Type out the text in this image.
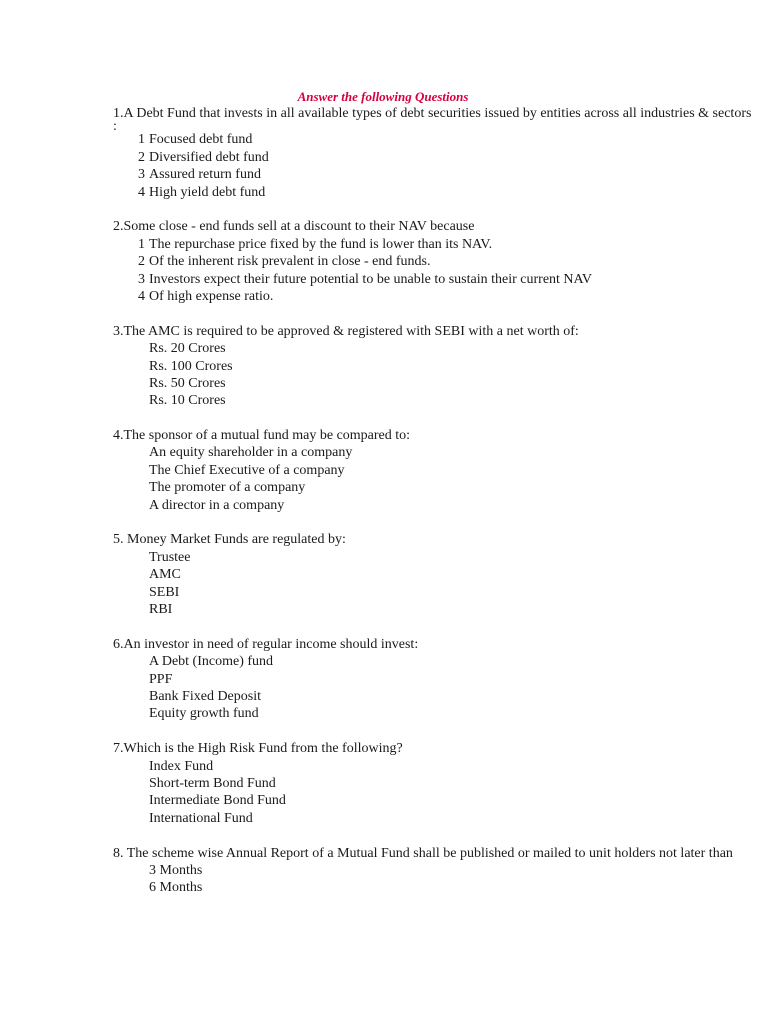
Answer the following Questions
1.A Debt Fund that invests in all available types of debt securities issued by entities across all industries & sectors
:
1 Focused debt fund
2 Diversified debt fund
3 Assured return fund
4 High yield debt fund
2.Some close - end funds sell at a discount to their NAV because
1 The repurchase price fixed by the fund is lower than its NAV.
2 Of the inherent risk prevalent in close - end funds.
3 Investors expect their future potential to be unable to sustain their current NAV
4 Of high expense ratio.
3.The AMC is required to be approved & registered with SEBI with a net worth of:
Rs. 20 Crores
Rs. 100 Crores
Rs. 50 Crores
Rs. 10 Crores
4.The sponsor of a mutual fund may be compared to:
An equity shareholder in a company
The Chief Executive of a company
The promoter of a company
A director in a company
5. Money Market Funds are regulated by:
Trustee
AMC
SEBI
RBI
6.An investor in need of regular income should invest:
A Debt (Income) fund
PPF
Bank Fixed Deposit
Equity growth fund
7.Which is the High Risk Fund from the following?
Index Fund
Short-term Bond Fund
Intermediate Bond Fund
International Fund
8. The scheme wise Annual Report of a Mutual Fund shall be published or mailed to unit holders not later than
3 Months
6 Months
